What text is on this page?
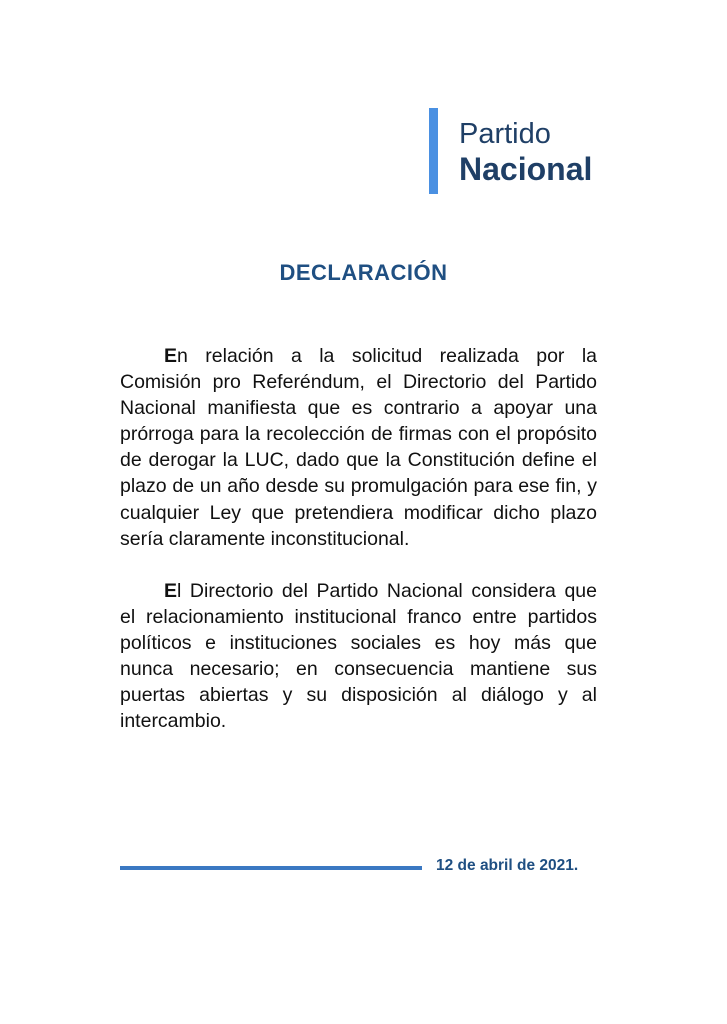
Partido
Nacional
DECLARACIÓN

En relación a la solicitud realizada por la Comisión pro Referéndum, el Directorio del Partido Nacional manifiesta que es contrario a apoyar una prórroga para la recolección de firmas con el propósito de derogar la LUC, dado que la Constitución define el plazo de un año desde su promulgación para ese fin, y cualquier Ley que pretendiera modificar dicho plazo sería claramente inconstitucional.

El Directorio del Partido Nacional considera que el relacionamiento institucional franco entre partidos políticos e instituciones sociales es hoy más que nunca necesario; en consecuencia mantiene sus puertas abiertas y su disposición al diálogo y al intercambio.

12 de abril de 2021.
